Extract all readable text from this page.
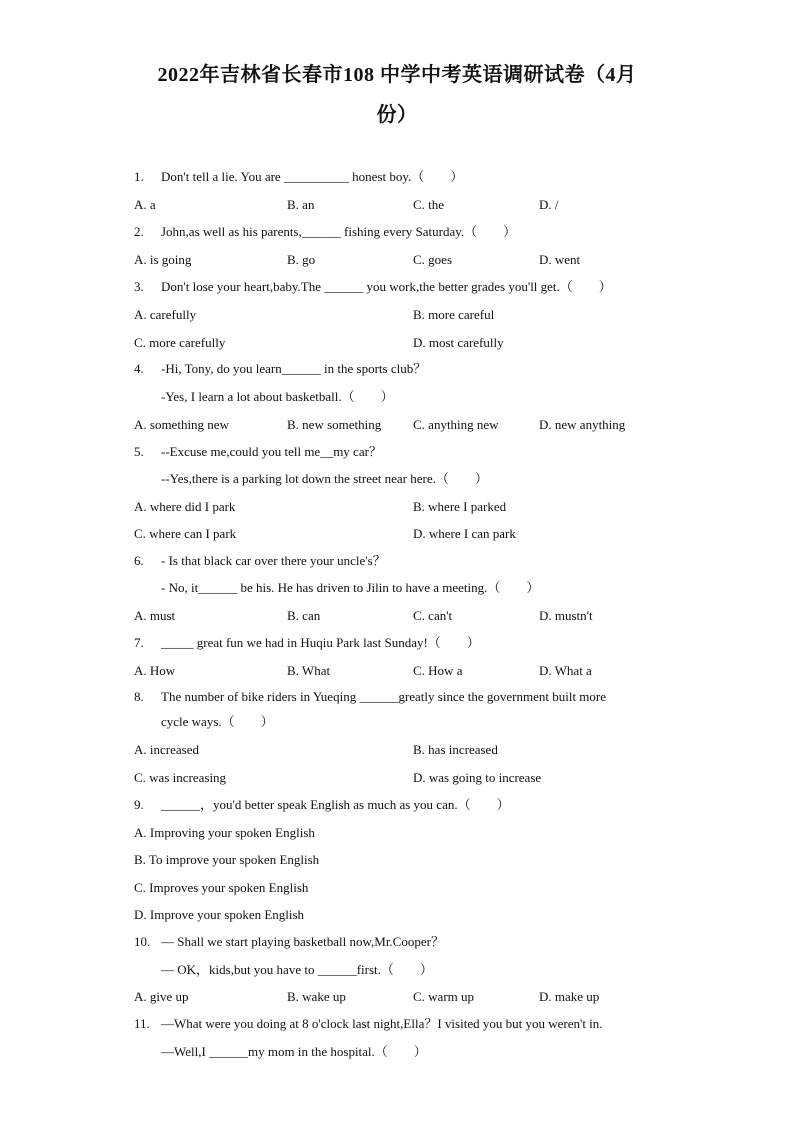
2022年吉林省长春市108 中学中考英语调研试卷（4月
份）
1. Don't tell a lie. You are __________ honest boy.（　　）
A. a	B. an	C. the	D. /
2. John,as well as his parents,______ fishing every Saturday.（　　）
A. is going	B. go	C. goes	D. went
3. Don't lose your heart,baby.The ______ you work,the better grades you'll get.（　　）
A. carefully	B. more careful
C. more carefully	D. most carefully
4. -Hi, Tony, do you learn______ in the sports club？
-Yes, I learn a lot about basketball.（　　）
A. something new	B. new something C. anything new	D. new anything
5. --Excuse me,could you tell me__my car？
--Yes,there is a parking lot down the street near here.（　　）
A. where did I park	B. where I parked
C. where can I park	D. where I can park
6. - Is that black car over there your uncle's？
- No, it______ be his. He has driven to Jilin to have a meeting.（　　）
A. must	B. can	C. can't	D. mustn't
7. _____ great fun we had in Huqiu Park last Sunday!（　　）
A. How	B. What	C. How a	D. What a
8. The number of bike riders in Yueqing ______greatly since the government built more
cycle ways.（　　）
A. increased	B. has increased
C. was increasing	D. was going to increase
9. ______，you'd better speak English as much as you can.（　　）
A. Improving your spoken English
B. To improve your spoken English
C. Improves your spoken English
D. Improve your spoken English
10. — Shall we start playing basketball now,Mr.Cooper？
— OK，kids,but you have to ______first.（　　）
A. give up	B. wake up	C. warm up	D. make up
11. —What were you doing at 8 o'clock last night,Ella？I visited you but you weren't in.
—Well,I ______my mom in the hospital.（　　）
